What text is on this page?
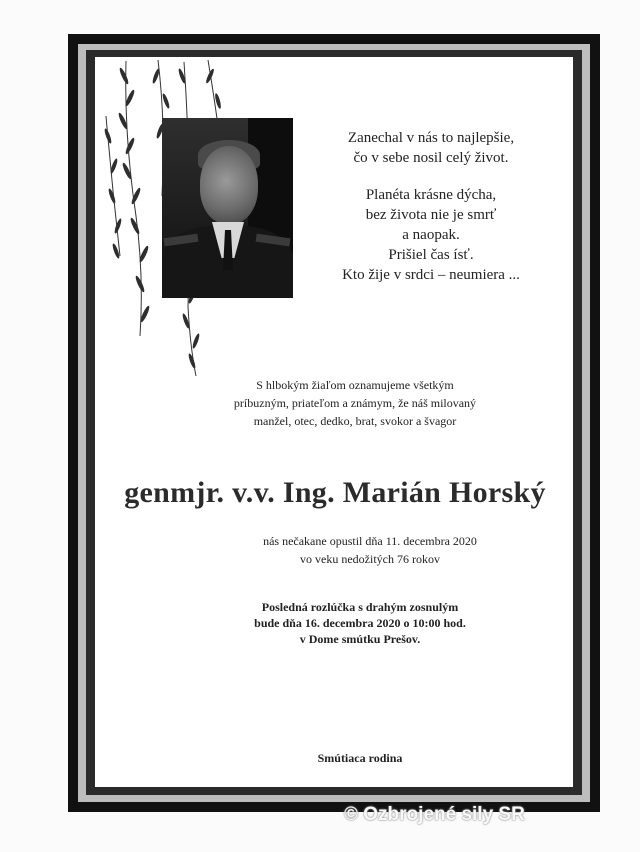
Zanechal v nás to najlepšie,

čo v sebe nosil celý život.

Planéta krásne dýcha,

bez života nie je smrť

a naopak.

Prišiel čas ísť.

Kto žije v srdci – neumiera ...

S hlbokým žiaľom oznamujeme všetkým

príbuzným, priateľom a známym, že náš milovaný

manžel, otec, dedko, brat, svokor a švagor

genmjr. v.v. Ing. Marián Horský

nás nečakane opustil dňa 11. decembra 2020

vo veku nedožitých 76 rokov

Posledná rozlúčka s drahým zosnulým

bude dňa 16. decembra 2020 o 10:00 hod.

v Dome smútku Prešov.

Smútiaca rodina
© Ozbrojené sily SR
